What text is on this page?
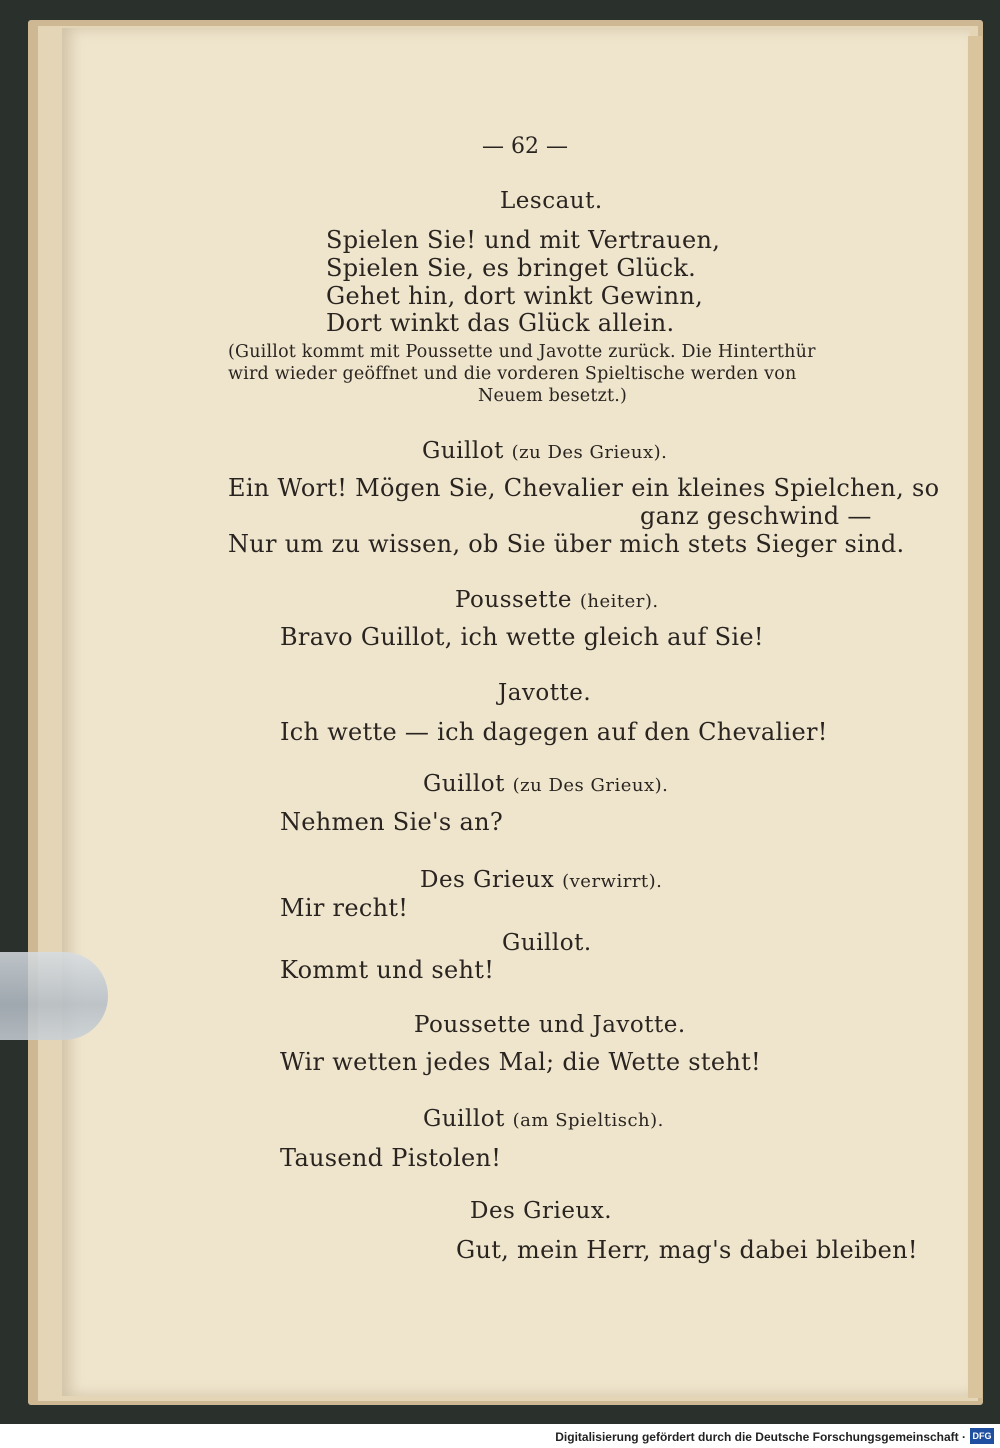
— 62 —
Lescaut.
Spielen Sie! und mit Vertrauen,
Spielen Sie, es bringet Glück.
Gehet hin, dort winkt Gewinn,
Dort winkt das Glück allein.
(Guillot kommt mit Poussette und Javotte zurück. Die Hinterthür
wird wieder geöffnet und die vorderen Spieltische werden von
Neuem besetzt.)
Guillot (zu Des Grieux).
Ein Wort! Mögen Sie, Chevalier ein kleines Spielchen, so
ganz geschwind —
Nur um zu wissen, ob Sie über mich stets Sieger sind.
Poussette (heiter).
Bravo Guillot, ich wette gleich auf Sie!
Javotte.
Ich wette — ich dagegen auf den Chevalier!
Guillot (zu Des Grieux).
Nehmen Sie's an?
Des Grieux (verwirrt).
Mir recht!
Guillot.
Kommt und seht!
Poussette und Javotte.
Wir wetten jedes Mal; die Wette steht!
Guillot (am Spieltisch).
Tausend Pistolen!
Des Grieux.
Gut, mein Herr, mag's dabei bleiben!
Digitalisierung gefördert durch die Deutsche Forschungsgemeinschaft · DFG
